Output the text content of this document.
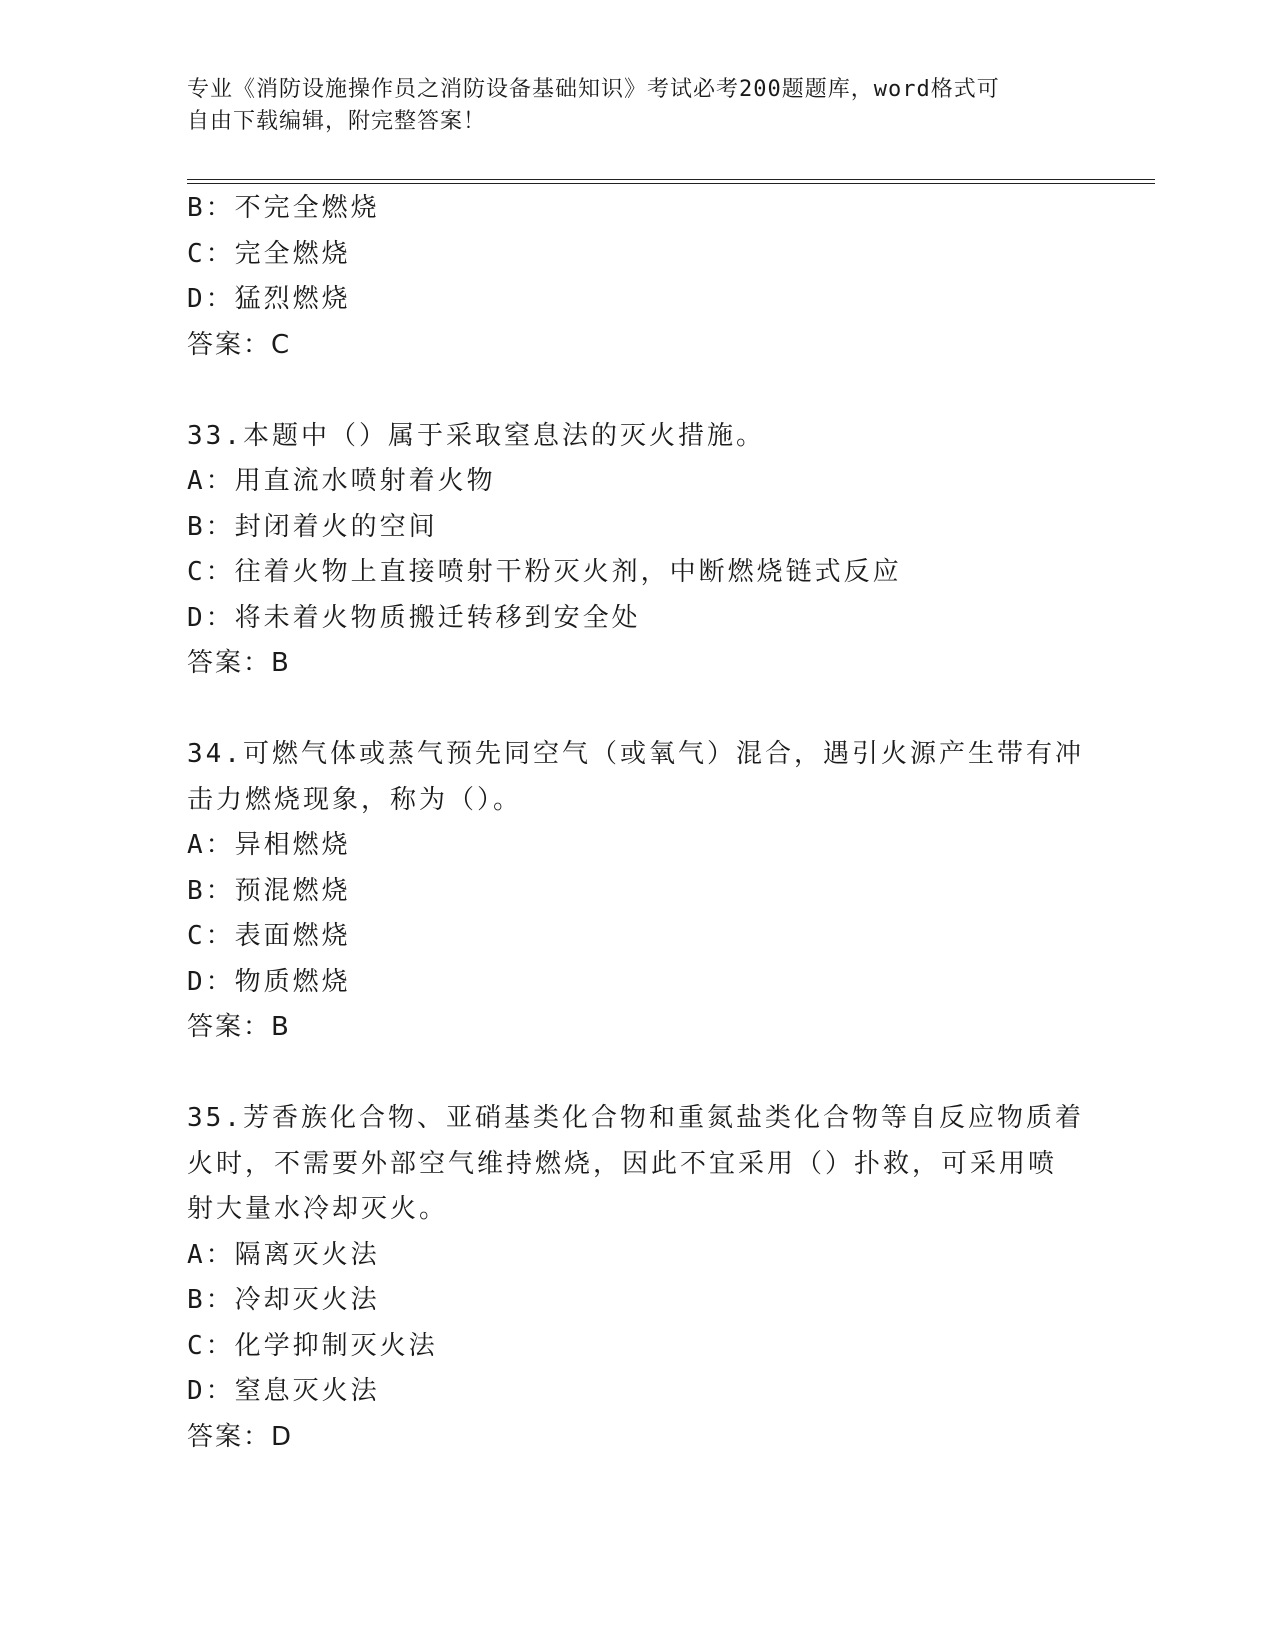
专业《消防设施操作员之消防设备基础知识》考试必考200题题库，word格式可
自由下载编辑，附完整答案！
B：不完全燃烧
C：完全燃烧
D：猛烈燃烧
答案：C
33.本题中（）属于采取窒息法的灭火措施。
A：用直流水喷射着火物
B：封闭着火的空间
C：往着火物上直接喷射干粉灭火剂，中断燃烧链式反应
D：将未着火物质搬迁转移到安全处
答案：B
34.可燃气体或蒸气预先同空气（或氧气）混合，遇引火源产生带有冲
击力燃烧现象，称为（）。
A：异相燃烧
B：预混燃烧
C：表面燃烧
D：物质燃烧
答案：B
35.芳香族化合物、亚硝基类化合物和重氮盐类化合物等自反应物质着
火时，不需要外部空气维持燃烧，因此不宜采用（）扑救，可采用喷
射大量水冷却灭火。
A：隔离灭火法
B：冷却灭火法
C：化学抑制灭火法
D：窒息灭火法
答案：D
